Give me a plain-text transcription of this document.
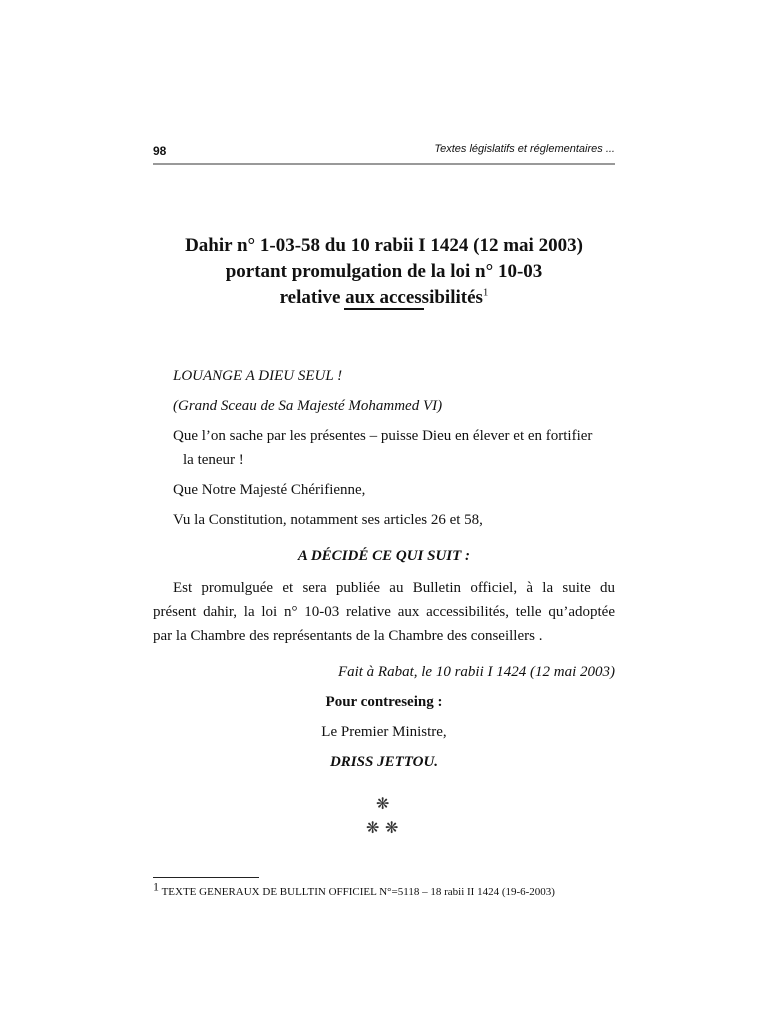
98	Textes législatifs et réglementaires ...
Dahir n° 1-03-58 du 10 rabii I 1424 (12 mai 2003)
portant promulgation de la loi n° 10-03
relative aux accessibilités$^1$
LOUANGE A DIEU SEUL !
(Grand Sceau de Sa Majesté Mohammed VI)
Que l’on sache par les présentes – puisse Dieu en élever et en fortifier
la teneur !
Que Notre Majesté Chérifienne,
Vu la Constitution, notamment ses articles 26 et 58,
A DÉCIDÉ CE QUI SUIT :
Est promulguée et sera publiée au Bulletin officiel, à la suite du
présent dahir, la loi n° 10-03 relative aux accessibilités, telle qu’adoptée
par la Chambre des représentants de la Chambre des conseillers .
Fait à Rabat, le 10 rabii I 1424 (12 mai 2003)
Pour contreseing :
Le Premier Ministre,
DRISS JETTOU.
❋
❋ ❋
1 TEXTE GENERAUX DE BULLTIN OFFICIEL N°=5118 – 18 rabii II 1424 (19-6-2003)
